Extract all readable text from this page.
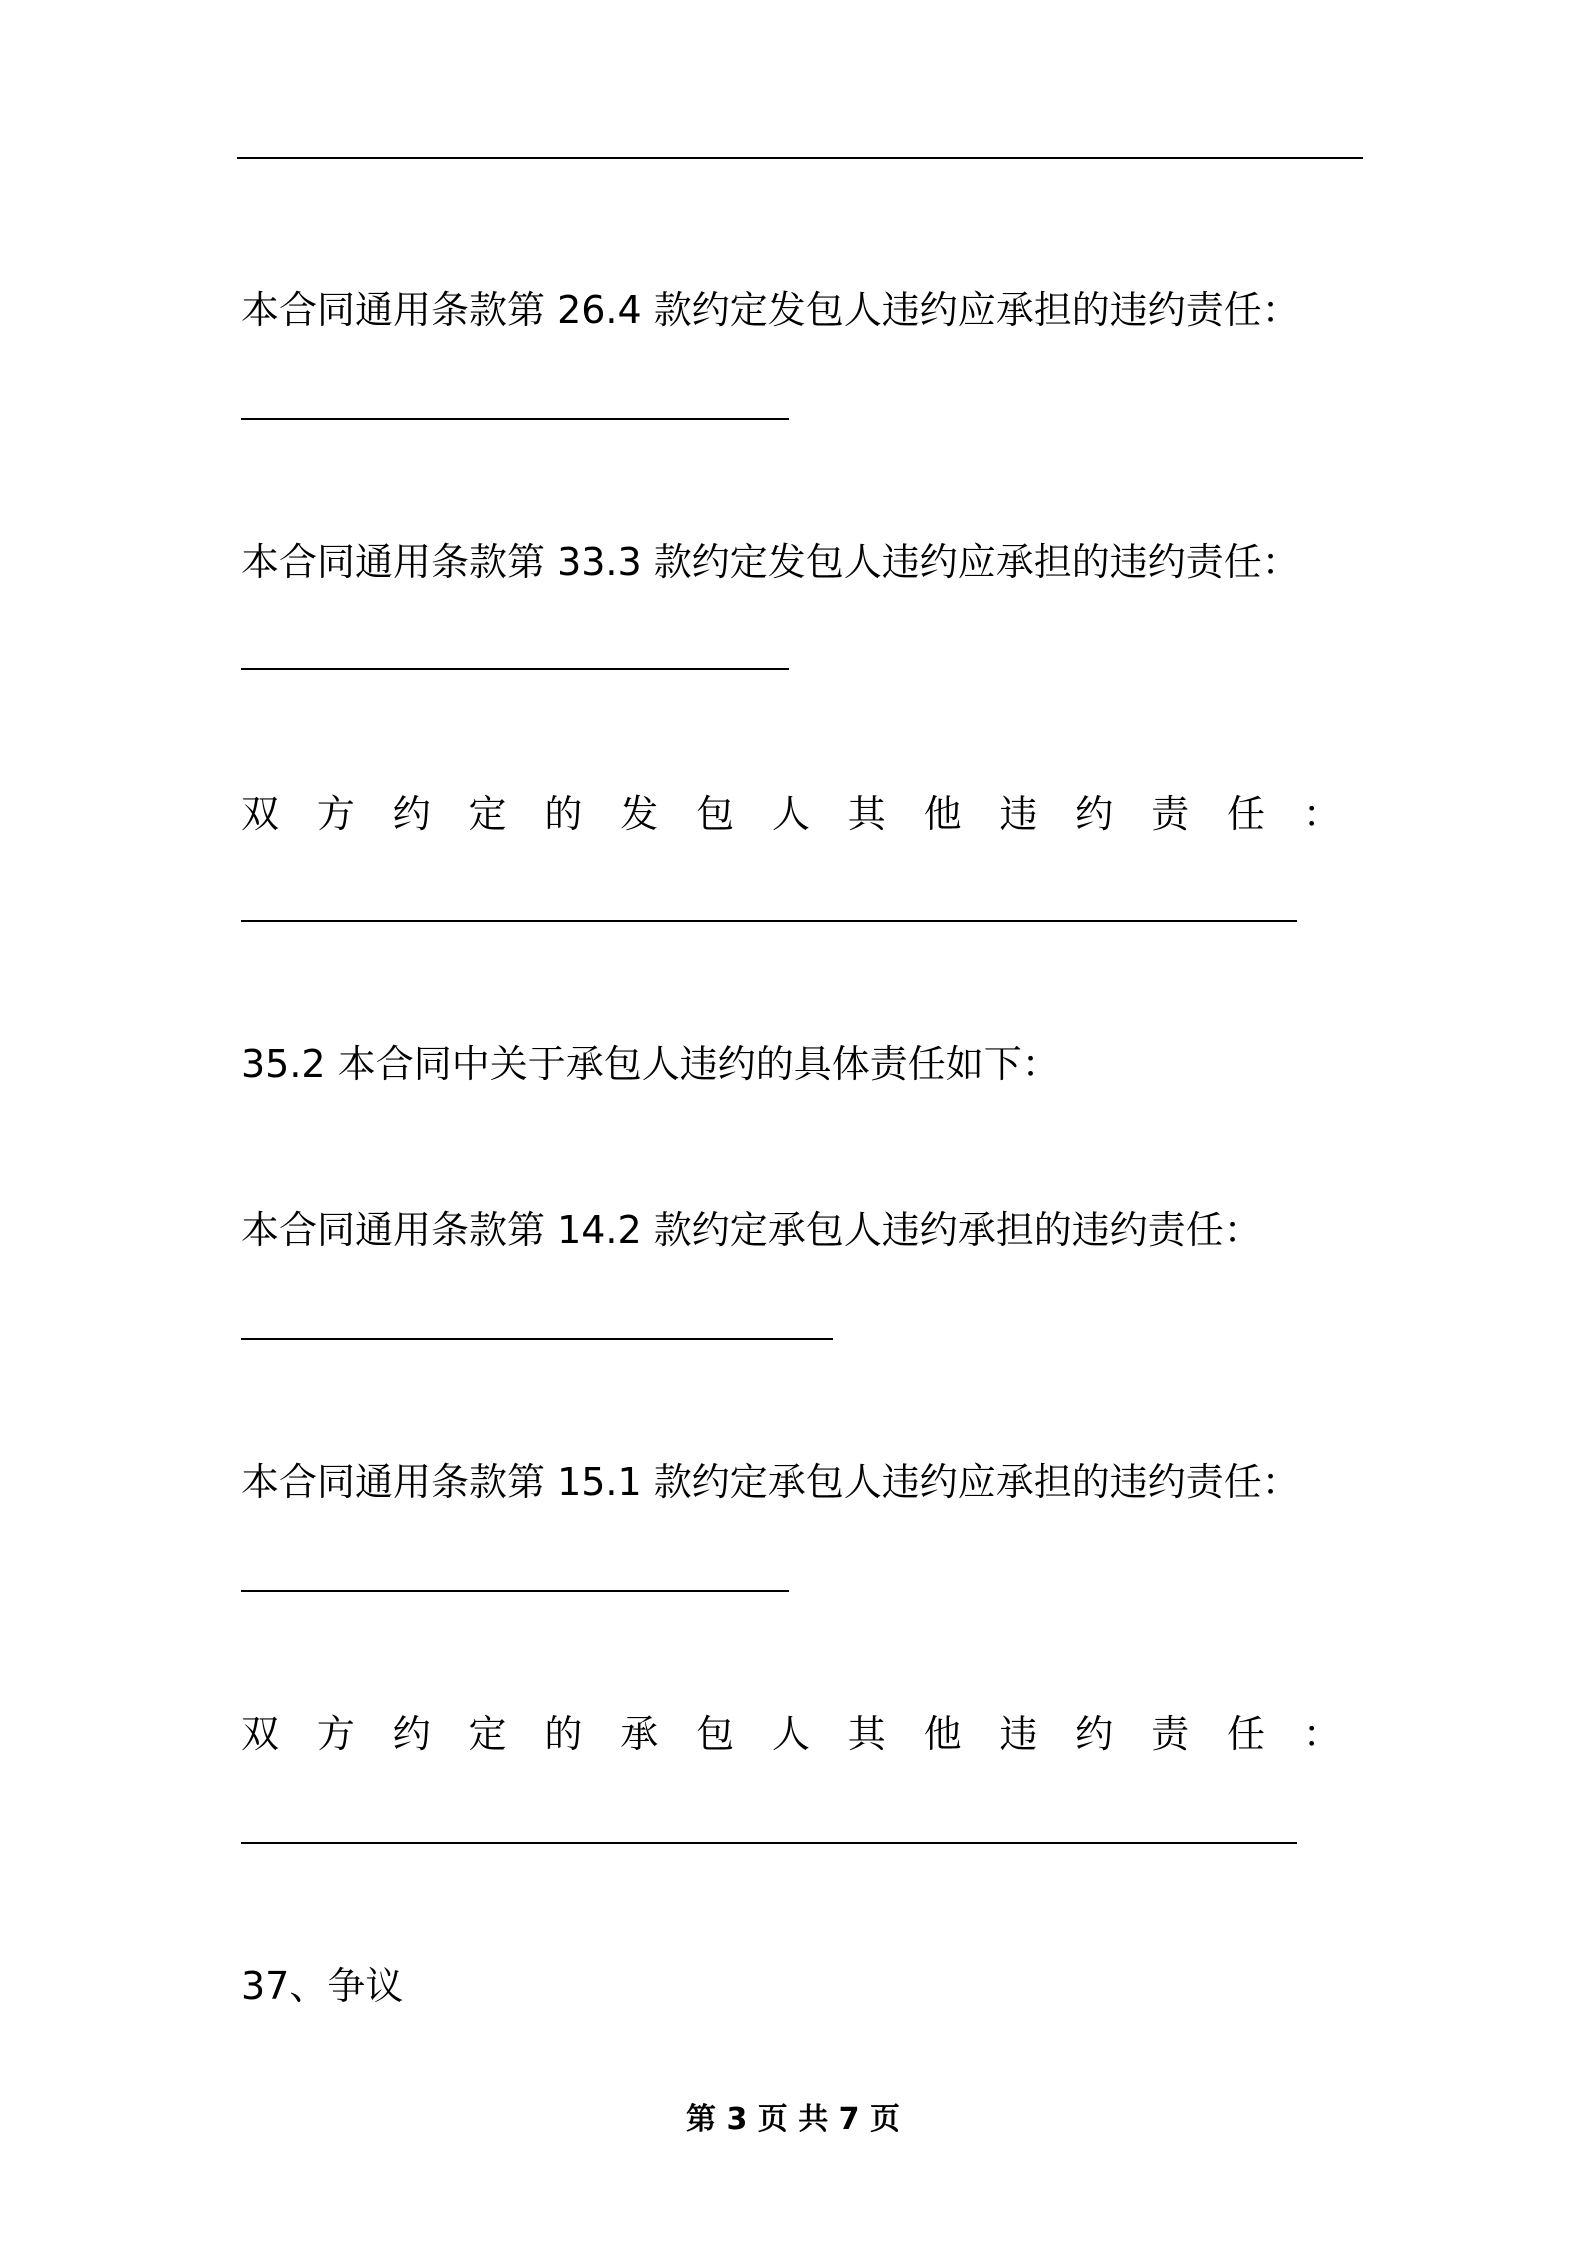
本合同通用条款第 26.4 款约定发包人违约应承担的违约责任：
本合同通用条款第 33.3 款约定发包人违约应承担的违约责任：
双 方 约 定 的 发 包 人 其 他 违 约 责 任 ：
35.2 本合同中关于承包人违约的具体责任如下：
本合同通用条款第 14.2 款约定承包人违约承担的违约责任：
本合同通用条款第 15.1 款约定承包人违约应承担的违约责任：
双 方 约 定 的 承 包 人 其 他 违 约 责 任 ：
37、争议
第 3 页 共 7 页
